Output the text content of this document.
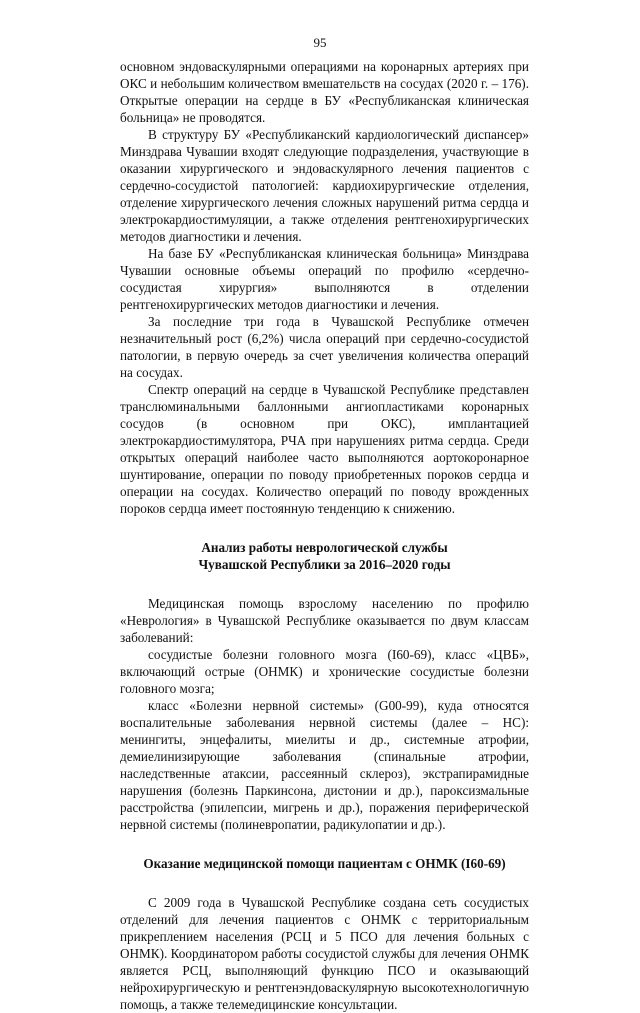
95

основном эндоваскулярными операциями на коронарных артериях при ОКС и небольшим количеством вмешательств на сосудах (2020 г. – 176). Открытые операции на сердце в БУ «Республиканская клиническая больница» не проводятся.

В структуру БУ «Республиканский кардиологический диспансер» Минздрава Чувашии входят следующие подразделения, участвующие в оказании хирургического и эндоваскулярного лечения пациентов с сердечно-сосудистой патологией: кардиохирургические отделения, отделение хирургического лечения сложных нарушений ритма сердца и электрокардиостимуляции, а также отделения рентгенохирургических методов диагностики и лечения.

На базе БУ «Республиканская клиническая больница» Минздрава Чувашии основные объемы операций по профилю «сердечно-сосудистая хирургия» выполняются в отделении рентгенохирургических методов диагностики и лечения.

За последние три года в Чувашской Республике отмечен незначительный рост (6,2%) числа операций при сердечно-сосудистой патологии, в первую очередь за счет увеличения количества операций на сосудах.

Спектр операций на сердце в Чувашской Республике представлен транслюминальными баллонными ангиопластиками коронарных сосудов (в основном при ОКС), имплантацией электрокардиостимулятора, РЧА при нарушениях ритма сердца. Среди открытых операций наиболее часто выполняются аортокоронарное шунтирование, операции по поводу приобретенных пороков сердца и операции на сосудах. Количество операций по поводу врожденных пороков сердца имеет постоянную тенденцию к снижению.

Анализ работы неврологической службы

Чувашской Республики за 2016–2020 годы

Медицинская помощь взрослому населению по профилю «Неврология» в Чувашской Республике оказывается по двум классам заболеваний:

сосудистые болезни головного мозга (I60-69), класс «ЦВБ», включающий острые (ОНМК) и хронические сосудистые болезни головного мозга;

класс «Болезни нервной системы» (G00-99), куда относятся воспалительные заболевания нервной системы (далее – НС): менингиты, энцефалиты, миелиты и др., системные атрофии, демиелинизирующие заболевания (спинальные атрофии, наследственные атаксии, рассеянный склероз), экстрапирамидные нарушения (болезнь Паркинсона, дистонии и др.), пароксизмальные расстройства (эпилепсии, мигрень и др.), поражения периферической нервной системы (полиневропатии, радикулопатии и др.).

Оказание медицинской помощи пациентам с ОНМК (I60-69)

С 2009 года в Чувашской Республике создана сеть сосудистых отделений для лечения пациентов с ОНМК с территориальным прикреплением населения (РСЦ и 5 ПСО для лечения больных с ОНМК). Координатором работы сосудистой службы для лечения ОНМК является РСЦ, выполняющий функцию ПСО и оказывающий нейрохирургическую и рентгенэндоваскулярную высокотехнологичную помощь, а также телемедицинские консультации.
